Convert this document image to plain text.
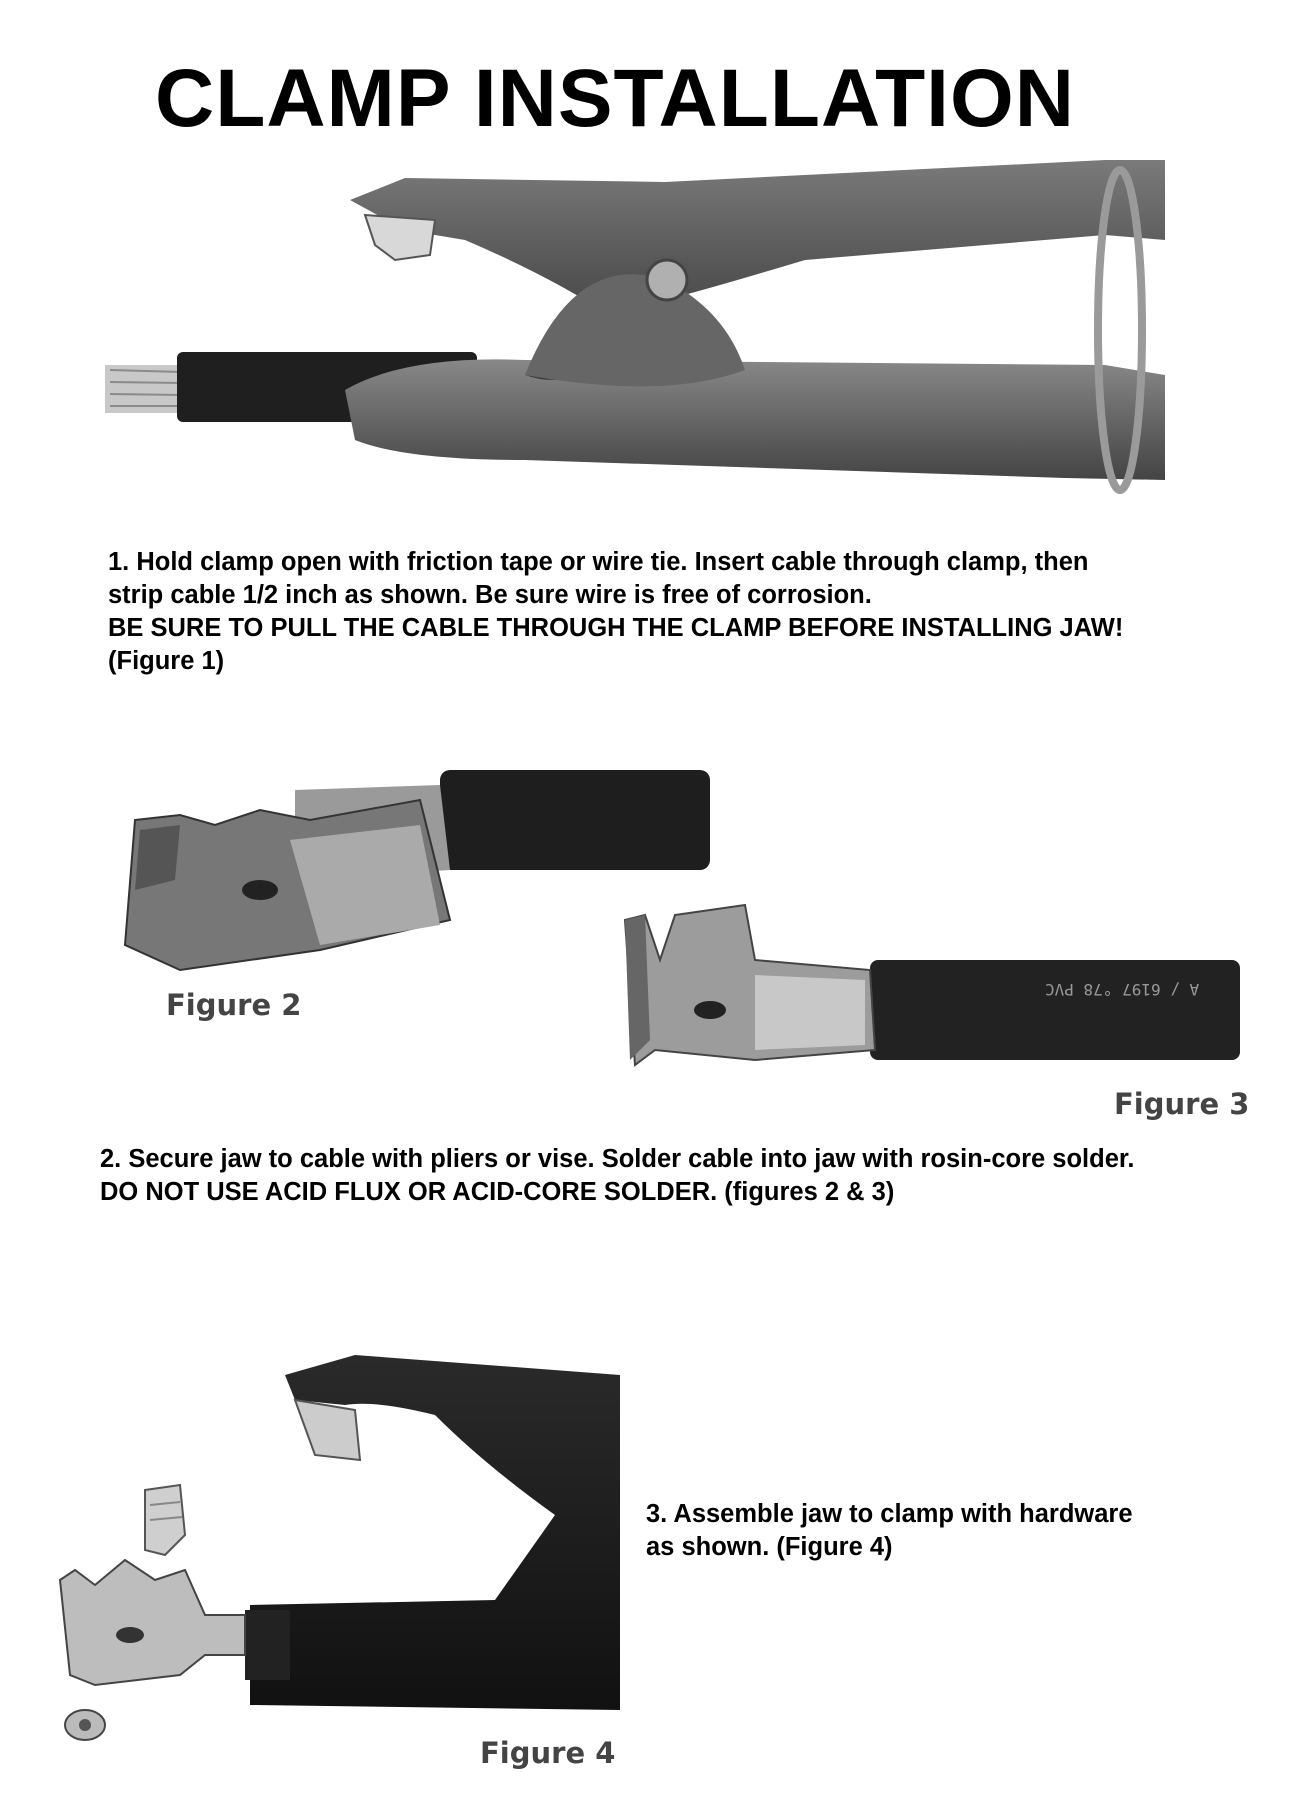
CLAMP INSTALLATION
1. Hold clamp open with friction tape or wire tie. Insert cable through clamp, then
strip cable 1/2 inch as shown. Be sure wire is free of corrosion.
BE SURE TO PULL THE CABLE THROUGH THE CLAMP BEFORE INSTALLING JAW!
(Figure 1)
Figure 2	A / 6197 °78 PVC
Figure 3
2. Secure jaw to cable with pliers or vise. Solder cable into jaw with rosin-core solder.
DO NOT USE ACID FLUX OR ACID-CORE SOLDER. (figures 2 & 3)
Figure 4
3. Assemble jaw to clamp with hardware
as shown. (Figure 4)
